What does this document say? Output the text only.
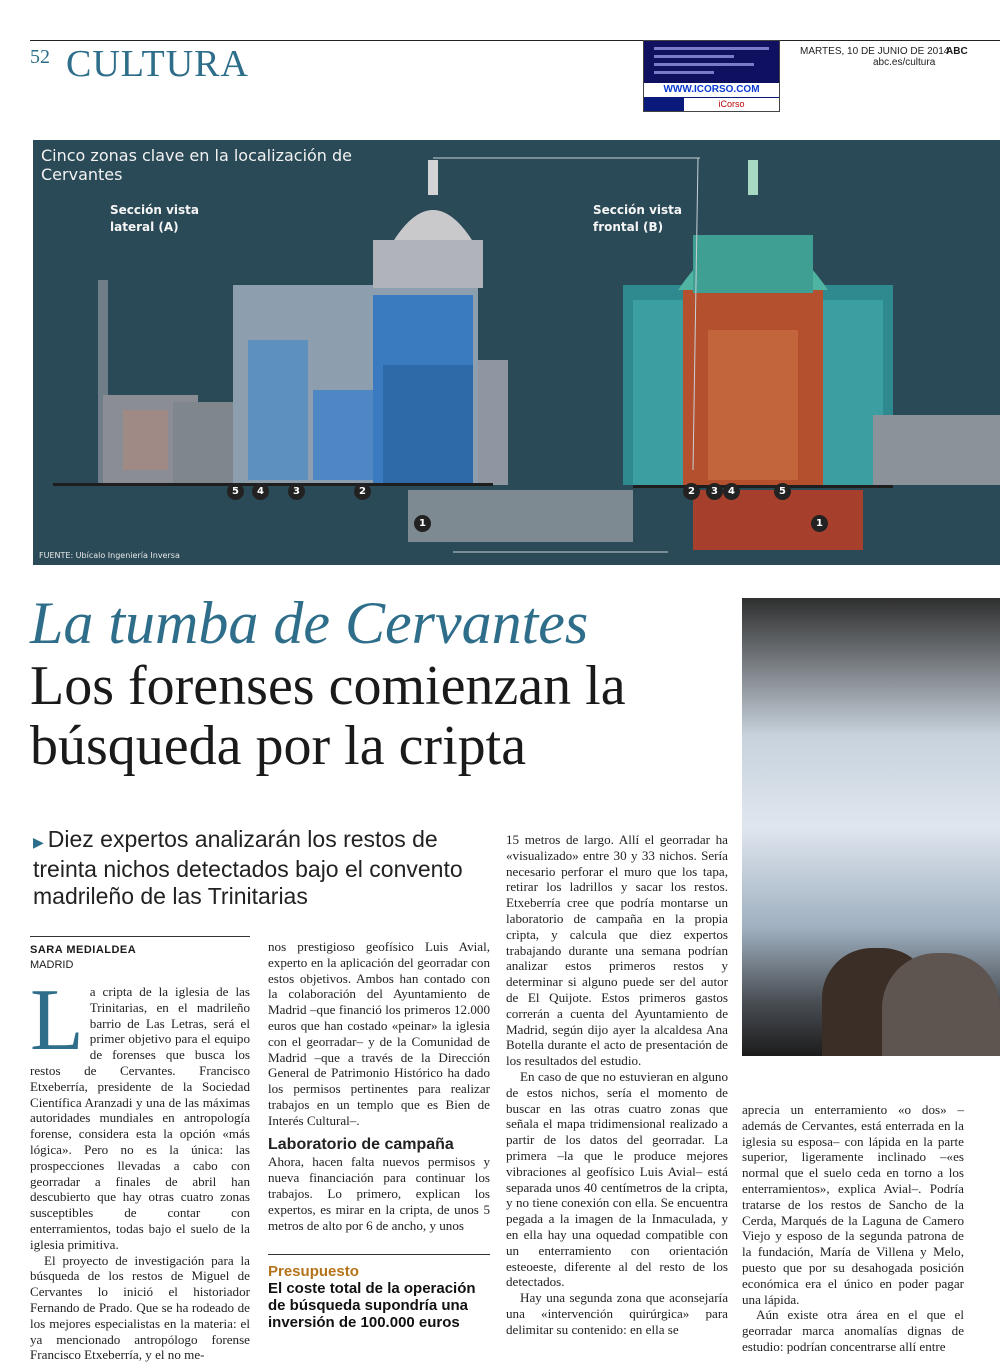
52 CULTURA
WWW.ICORSO.COM
iCorso
MARTES, 10 DE JUNIO DE 2014
ABC
abc.es/cultura
Cinco zonas clave en la localización de Cervantes
Sección vista lateral (A)
Sección vista frontal (B)
5	4	3	2
1
2	3	4	5
1
FUENTE: Ubícalo Ingeniería Inversa
La tumba de Cervantes
Los forenses comienzan la búsqueda por la cripta
▶ Diez expertos analizarán los restos de treinta nichos detectados bajo el convento madrileño de las Trinitarias
SARA MEDIALDEA
MADRID

La cripta de la iglesia de las Trinitarias, en el madrileño barrio de Las Letras, será el primer objetivo para el equipo de forenses que busca los restos de Cervantes. Francisco Etxeberría, presidente de la Sociedad Científica Aranzadi y una de las máximas autoridades mundiales en antropología forense, considera esta la opción «más lógica». Pero no es la única: las prospecciones llevadas a cabo con georradar a finales de abril han descubierto que hay otras cuatro zonas susceptibles de contar con enterramientos, todas bajo el suelo de la iglesia primitiva.

El proyecto de investigación para la búsqueda de los restos de Miguel de Cervantes lo inició el historiador Fernando de Prado. Que se ha rodeado de los mejores especialistas en la materia: el ya mencionado antropólogo forense Francisco Etxeberría, y el no me-

nos prestigioso geofísico Luis Avial, experto en la aplicación del georradar con estos objetivos. Ambos han contado con la colaboración del Ayuntamiento de Madrid –que financió los primeros 12.000 euros que han costado «peinar» la iglesia con el georradar– y de la Comunidad de Madrid –que a través de la Dirección General de Patrimonio Histórico ha dado los permisos pertinentes para realizar trabajos en un templo que es Bien de Interés Cultural–.

Laboratorio de campaña

Ahora, hacen falta nuevos permisos y nueva financiación para continuar los trabajos. Lo primero, explican los expertos, es mirar en la cripta, de unos 5 metros de alto por 6 de ancho, y unos

Presupuesto
El coste total de la operación de búsqueda supondría una inversión de 100.000 euros

15 metros de largo. Allí el georradar ha «visualizado» entre 30 y 33 nichos. Sería necesario perforar el muro que los tapa, retirar los ladrillos y sacar los restos. Etxeberría cree que podría montarse un laboratorio de campaña en la propia cripta, y calcula que diez expertos trabajando durante una semana podrían analizar estos primeros restos y determinar si alguno puede ser del autor de El Quijote. Estos primeros gastos correrán a cuenta del Ayuntamiento de Madrid, según dijo ayer la alcaldesa Ana Botella durante el acto de presentación de los resultados del estudio.

En caso de que no estuvieran en alguno de estos nichos, sería el momento de buscar en las otras cuatro zonas que señala el mapa tridimensional realizado a partir de los datos del georradar. La primera –la que le produce mejores vibraciones al geofísico Luis Avial– está separada unos 40 centímetros de la cripta, y no tiene conexión con ella. Se encuentra pegada a la imagen de la Inmaculada, y en ella hay una oquedad compatible con un enterramiento con orientación esteoeste, diferente al del resto de los detectados.

Hay una segunda zona que aconsejaría una «intervención quirúrgica» para delimitar su contenido: en ella se

aprecia un enterramiento «o dos» –además de Cervantes, está enterrada en la iglesia su esposa– con lápida en la parte superior, ligeramente inclinado –«es normal que el suelo ceda en torno a los enterramientos», explica Avial–. Podría tratarse de los restos de Sancho de la Cerda, Marqués de la Laguna de Camero Viejo y esposo de la segunda patrona de la fundación, María de Villena y Melo, puesto que por su desahogada posición económica era el único en poder pagar una lápida.

Aún existe otra área en el que el georradar marca anomalías dignas de estudio: podrían concentrarse allí entre
